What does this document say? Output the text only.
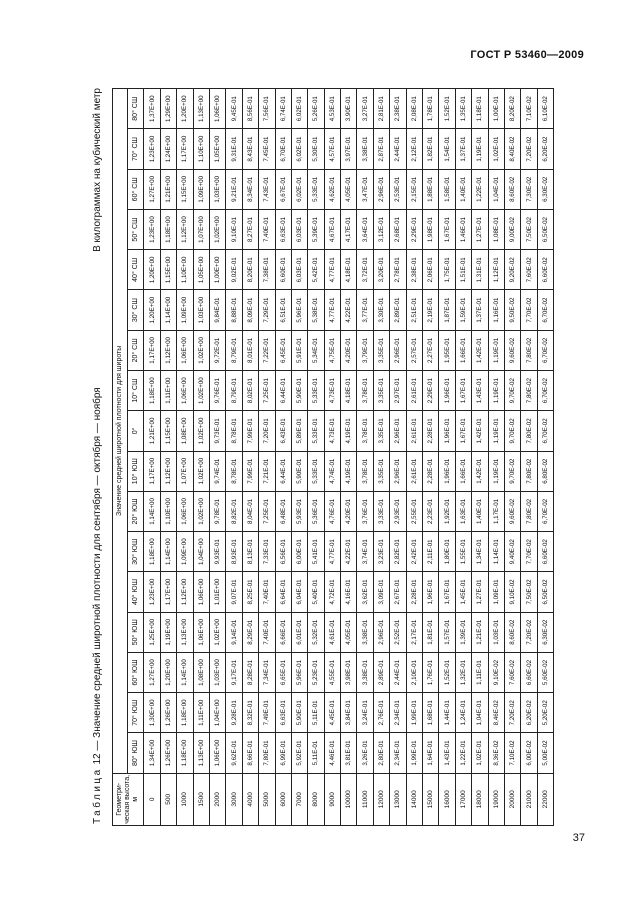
ГОСТ Р 53460—2009
Таблица 12 — Значение средней широтной плотности для сентября — октября — ноября
В килограммах на кубический метр
Геометри-ческая высота, м	Значение средней широтной плотности для широты																
	80° ЮШ	70° ЮШ	60° ЮШ	50° ЮШ	40° ЮШ	30° ЮШ	20° ЮШ	10° ЮШ	0°	10° СШ	20° СШ	30° СШ	40° СШ	50° СШ	60° СШ	70° СШ	80° СШ
0	1,34E+00	1,30E+00	1,27E+00	1,25E+00	1,23E+00	1,18E+00	1,14E+00	1,17E+00	1,21E+00	1,18E+00	1,17E+00	1,20E+00	1,20E+00	1,23E+00	1,27E+00	1,23E+00	1,37E+00
500	1,26E+00	1,26E+00	1,20E+00	1,19E+00	1,17E+00	1,14E+00	1,10E+00	1,12E+00	1,15E+00	1,11E+00	1,12E+00	1,14E+00	1,15E+00	1,18E+00	1,21E+00	1,24E+00	1,29E+00
1000	1,18E+00	1,18E+00	1,14E+00	1,13E+00	1,12E+00	1,09E+00	1,06E+00	1,07E+00	1,08E+00	1,06E+00	1,06E+00	1,09E+00	1,10E+00	1,12E+00	1,15E+00	1,17E+00	1,20E+00
1500	1,13E+00	1,11E+00	1,08E+00	1,06E+00	1,06E+00	1,04E+00	1,02E+00	1,02E+00	1,02E+00	1,02E+00	1,02E+00	1,03E+00	1,05E+00	1,07E+00	1,09E+00	1,10E+00	1,13E+00
2000	1,06E+00	1,04E+00	1,03E+00	1,02E+00	1,01E+00	9,93E-01	9,78E-01	9,74E-01	9,73E-01	9,76E-01	9,72E-01	9,84E-01	1,00E+00	1,02E+00	1,03E+00	1,05E+00	1,06E+00
3000	9,62E-01	9,28E-01	9,17E-01	9,14E-01	9,07E-01	8,93E-01	8,82E-01	8,78E-01	8,78E-01	8,79E-01	8,79E-01	8,88E-01	9,02E-01	9,10E-01	9,21E-01	9,31E-01	9,45E-01
4000	8,66E-01	8,32E-01	8,28E-01	8,29E-01	8,25E-01	8,13E-01	8,04E-01	7,99E-01	7,99E-01	8,02E-01	8,01E-01	8,09E-01	8,20E-01	8,27E-01	8,34E-01	8,43E-01	8,56E-01
5000	7,80E-01	7,49E-01	7,34E-01	7,40E-01	7,40E-01	7,33E-01	7,25E-01	7,21E-01	7,20E-01	7,25E-01	7,22E-01	7,29E-01	7,38E-01	7,40E-01	7,43E-01	7,45E-01	7,56E-01
6000	6,99E-01	6,63E-01	6,65E-01	6,66E-01	6,64E-01	6,56E-01	6,48E-01	6,44E-01	6,43E-01	6,44E-01	6,45E-01	6,51E-01	6,60E-01	6,63E-01	6,67E-01	6,70E-01	6,74E-01
7000	5,92E-01	5,90E-01	5,96E-01	6,01E-01	6,04E-01	6,00E-01	5,93E-01	5,90E-01	5,89E-01	5,90E-01	5,91E-01	5,96E-01	6,03E-01	6,03E-01	6,02E-01	6,02E-01	6,02E-01
8000	5,11E-01	5,11E-01	5,23E-01	5,32E-01	5,40E-01	5,41E-01	5,36E-01	5,33E-01	5,33E-01	5,33E-01	5,34E-01	5,38E-01	5,42E-01	5,39E-01	5,33E-01	5,30E-01	5,26E-01
9000	4,46E-01	4,45E-01	4,55E-01	4,61E-01	4,72E-01	4,77E-01	4,76E-01	4,74E-01	4,73E-01	4,73E-01	4,75E-01	4,77E-01	4,77E-01	4,67E-01	4,62E-01	4,57E-01	4,53E-01
10000	3,81E-01	3,84E-01	3,98E-01	4,05E-01	4,16E-01	4,22E-01	4,20E-01	4,19E-01	4,19E-01	4,18E-01	4,20E-01	4,22E-01	4,18E-01	4,17E-01	4,05E-01	3,97E-01	3,90E-01
11000	3,26E-01	3,24E-01	3,38E-01	3,38E-01	3,62E-01	3,74E-01	3,76E-01	3,78E-01	3,78E-01	3,78E-01	3,79E-01	3,77E-01	3,72E-01	3,64E-01	3,47E-01	3,38E-01	3,27E-01
12000	2,80E-01	2,76E-01	2,89E-01	2,96E-01	3,09E-01	3,23E-01	3,33E-01	3,35E-01	3,35E-01	3,35E-01	3,35E-01	3,30E-01	3,20E-01	3,12E-01	2,96E-01	2,87E-01	2,81E-01
13000	2,34E-01	2,34E-01	2,44E-01	2,52E-01	2,67E-01	2,82E-01	2,93E-01	2,96E-01	2,96E-01	2,97E-01	2,96E-01	2,89E-01	2,78E-01	2,68E-01	2,53E-01	2,44E-01	2,38E-01
14000	1,99E-01	1,99E-01	2,10E-01	2,17E-01	2,28E-01	2,42E-01	2,55E-01	2,61E-01	2,61E-01	2,61E-01	2,57E-01	2,51E-01	2,38E-01	2,29E-01	2,15E-01	2,12E-01	2,08E-01
15000	1,64E-01	1,68E-01	1,76E-01	1,81E-01	1,96E-01	2,11E-01	2,23E-01	2,28E-01	2,28E-01	2,29E-01	2,27E-01	2,19E-01	2,06E-01	1,98E-01	1,88E-01	1,82E-01	1,78E-01
16000	1,43E-01	1,44E-01	1,52E-01	1,57E-01	1,67E-01	1,80E-01	1,92E-01	1,96E-01	1,96E-01	1,96E-01	1,95E-01	1,87E-01	1,75E-01	1,67E-01	1,58E-01	1,54E-01	1,52E-01
17000	1,22E-01	1,24E-01	1,32E-01	1,39E-01	1,45E-01	1,55E-01	1,63E-01	1,66E-01	1,67E-01	1,67E-01	1,66E-01	1,59E-01	1,51E-01	1,46E-01	1,40E-01	1,37E-01	1,35E-01
18000	1,02E-01	1,04E-01	1,11E-01	1,21E-01	1,27E-01	1,34E-01	1,40E-01	1,42E-01	1,42E-01	1,43E-01	1,42E-01	1,37E-01	1,31E-01	1,27E-01	1,22E-01	1,19E-01	1,18E-01
19000	8,36E-02	8,46E-02	9,10E-02	1,03E-01	1,09E-01	1,14E-01	1,17E-01	1,19E-01	1,19E-01	1,19E-01	1,19E-01	1,16E-01	1,12E-01	1,08E-01	1,04E-01	1,02E-01	1,00E-01
20000	7,10E-02	7,20E-02	7,60E-02	8,60E-02	9,10E-02	9,40E-02	9,60E-02	9,70E-02	9,70E-02	9,70E-02	9,60E-02	9,50E-02	9,20E-02	9,00E-02	8,60E-02	8,40E-02	8,20E-02
21000	6,00E-02	6,20E-02	6,60E-02	7,20E-02	7,50E-02	7,70E-02	7,80E-02	7,80E-02	7,80E-02	7,80E-02	7,80E-02	7,70E-02	7,60E-02	7,50E-02	7,30E-02	7,20E-02	7,10E-02
22000	5,00E-02	5,20E-02	5,60E-02	6,30E-02	6,50E-02	6,60E-02	6,70E-02	6,80E-02	6,70E-02	6,70E-02	6,70E-02	6,70E-02	6,60E-02	6,50E-02	6,30E-02	6,20E-02	6,10E-02
37
